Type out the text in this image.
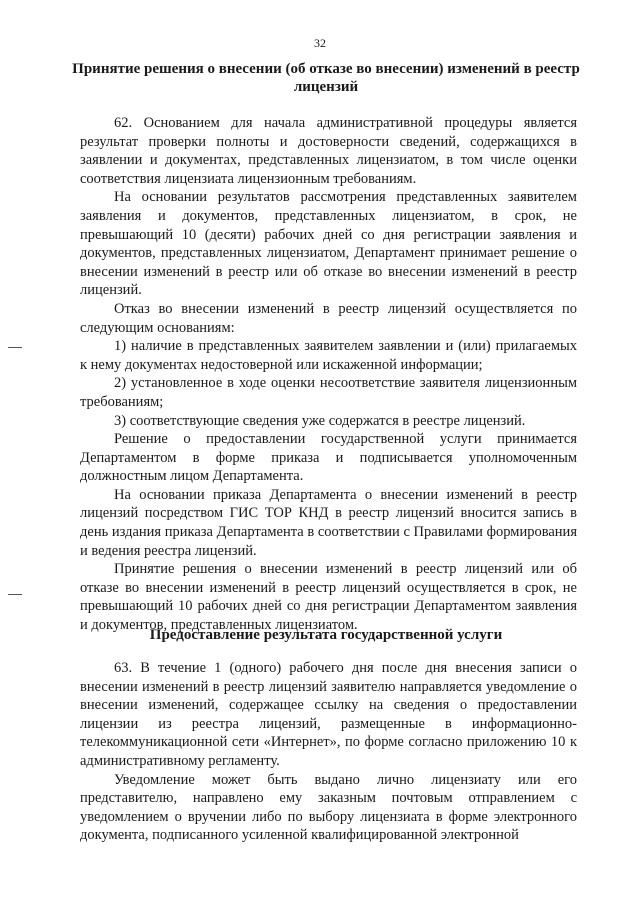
32
Принятие решения о внесении (об отказе во внесении) изменений в реестр лицензий

62. Основанием для начала административной процедуры является результат проверки полноты и достоверности сведений, содержащихся в заявлении и документах, представленных лицензиатом, в том числе оценки соответствия лицензиата лицензионным требованиям.

На основании результатов рассмотрения представленных заявителем заявления и документов, представленных лицензиатом, в срок, не превышающий 10 (десяти) рабочих дней со дня регистрации заявления и документов, представленных лицензиатом, Департамент принимает решение о внесении изменений в реестр или об отказе во внесении изменений в реестр лицензий.

Отказ во внесении изменений в реестр лицензий осуществляется по следующим основаниям:

1) наличие в представленных заявителем заявлении и (или) прилагаемых к нему документах недостоверной или искаженной информации;

2) установленное в ходе оценки несоответствие заявителя лицензионным требованиям;

3) соответствующие сведения уже содержатся в реестре лицензий.

Решение о предоставлении государственной услуги принимается Департаментом в форме приказа и подписывается уполномоченным должностным лицом Департамента.

На основании приказа Департамента о внесении изменений в реестр лицензий посредством ГИС ТОР КНД в реестр лицензий вносится запись в день издания приказа Департамента в соответствии с Правилами формирования и ведения реестра лицензий.

Принятие решения о внесении изменений в реестр лицензий или об отказе во внесении изменений в реестр лицензий осуществляется в срок, не превышающий 10 рабочих дней со дня регистрации Департаментом заявления и документов, представленных лицензиатом.

Предоставление результата государственной услуги

63. В течение 1 (одного) рабочего дня после дня внесения записи о внесении изменений в реестр лицензий заявителю направляется уведомление о внесении изменений, содержащее ссылку на сведения о предоставлении лицензии из реестра лицензий, размещенные в информационно-телекоммуникационной сети «Интернет», по форме согласно приложению 10 к административному регламенту.

Уведомление может быть выдано лично лицензиату или его представителю, направлено ему заказным почтовым отправлением с уведомлением о вручении либо по выбору лицензиата в форме электронного документа, подписанного усиленной квалифицированной электронной
